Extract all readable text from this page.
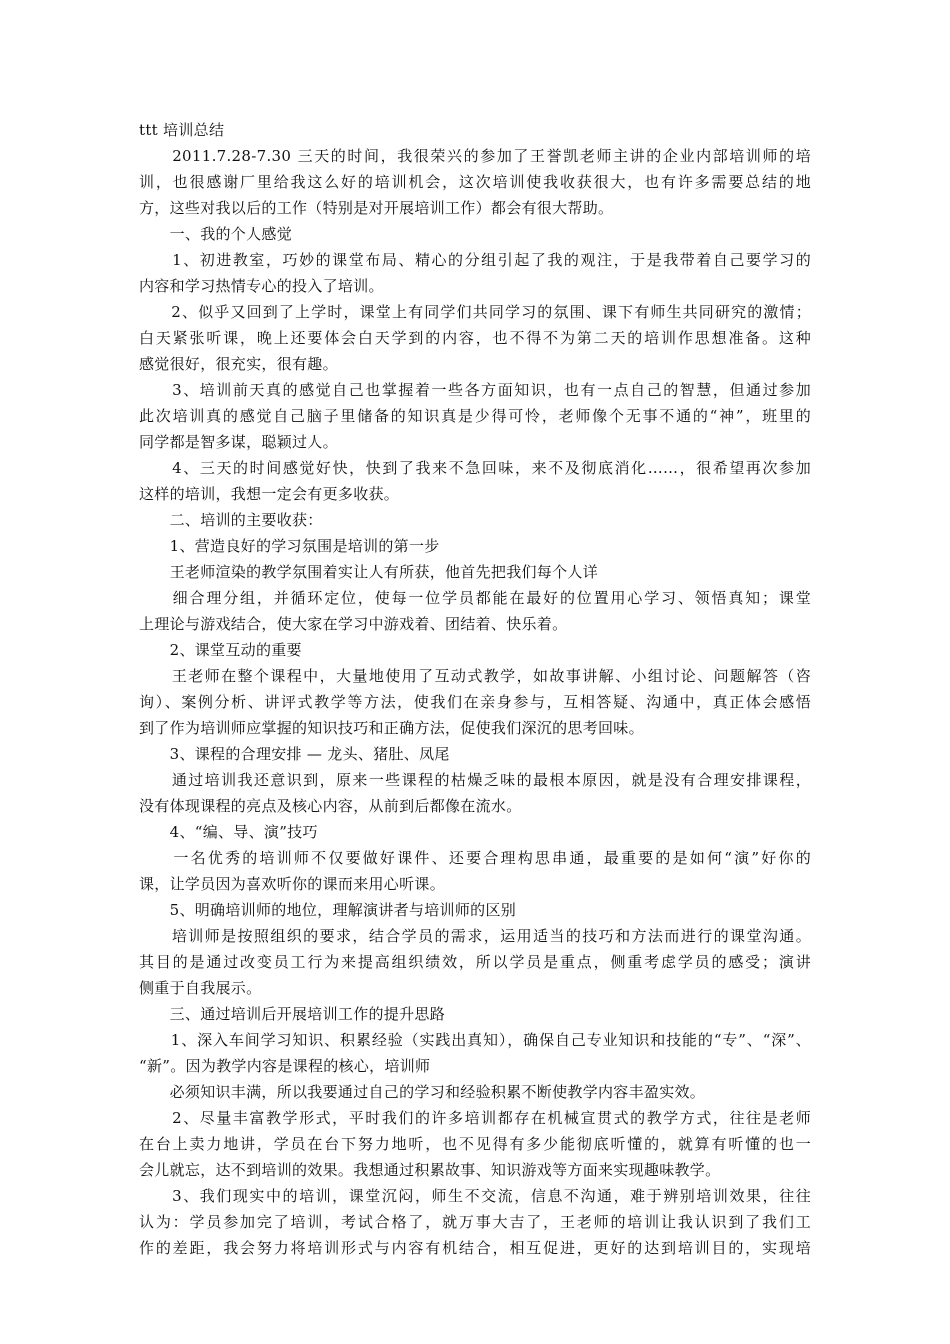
ttt 培训总结
　　2011.7.28-7.30 三天的时间，我很荣兴的参加了王誉凯老师主讲的企业内部培训师的培
训，也很感谢厂里给我这么好的培训机会，这次培训使我收获很大，也有许多需要总结的地
方，这些对我以后的工作（特别是对开展培训工作）都会有很大帮助。
　　一、我的个人感觉
　　1、初进教室，巧妙的课堂布局、精心的分组引起了我的观注，于是我带着自己要学习的
内容和学习热情专心的投入了培训。
　　2、似乎又回到了上学时，课堂上有同学们共同学习的氛围、课下有师生共同研究的激情；
白天紧张听课，晚上还要体会白天学到的内容，也不得不为第二天的培训作思想准备。这种
感觉很好，很充实，很有趣。
　　3、培训前天真的感觉自己也掌握着一些各方面知识，也有一点自己的智慧，但通过参加
此次培训真的感觉自己脑子里储备的知识真是少得可怜，老师像个无事不通的“神”，班里的
同学都是智多谋，聪颖过人。
　　4、三天的时间感觉好快，快到了我来不急回味，来不及彻底消化……，很希望再次参加
这样的培训，我想一定会有更多收获。
　　二、培训的主要收获：
　　1、营造良好的学习氛围是培训的第一步
　　王老师渲染的教学氛围着实让人有所获，他首先把我们每个人详
　　细合理分组，并循环定位，使每一位学员都能在最好的位置用心学习、领悟真知；课堂
上理论与游戏结合，使大家在学习中游戏着、团结着、快乐着。
　　2、课堂互动的重要
　　王老师在整个课程中，大量地使用了互动式教学，如故事讲解、小组讨论、问题解答（咨
询）、案例分析、讲评式教学等方法，使我们在亲身参与，互相答疑、沟通中，真正体会感悟
到了作为培训师应掌握的知识技巧和正确方法，促使我们深沉的思考回味。
　　3、课程的合理安排 — 龙头、猪肚、凤尾
　　通过培训我还意识到，原来一些课程的枯燥乏味的最根本原因，就是没有合理安排课程，
没有体现课程的亮点及核心内容，从前到后都像在流水。
　　4、“编、导、演”技巧
　　一名优秀的培训师不仅要做好课件、还要合理构思串通，最重要的是如何“演”好你的
课，让学员因为喜欢听你的课而来用心听课。
　　5、明确培训师的地位，理解演讲者与培训师的区别
　　培训师是按照组织的要求，结合学员的需求，运用适当的技巧和方法而进行的课堂沟通。
其目的是通过改变员工行为来提高组织绩效，所以学员是重点，侧重考虑学员的感受；演讲
侧重于自我展示。
　　三、通过培训后开展培训工作的提升思路
　　1、深入车间学习知识、积累经验（实践出真知），确保自己专业知识和技能的“专”、“深”、
“新”。因为教学内容是课程的核心，培训师
　　必须知识丰满，所以我要通过自己的学习和经验积累不断使教学内容丰盈实效。
　　2、尽量丰富教学形式，平时我们的许多培训都存在机械宣贯式的教学方式，往往是老师
在台上卖力地讲，学员在台下努力地听，也不见得有多少能彻底听懂的，就算有听懂的也一
会儿就忘，达不到培训的效果。我想通过积累故事、知识游戏等方面来实现趣味教学。
　　3、我们现实中的培训，课堂沉闷，师生不交流，信息不沟通，难于辨别培训效果，往往
认为：学员参加完了培训，考试合格了，就万事大吉了，王老师的培训让我认识到了我们工
作的差距，我会努力将培训形式与内容有机结合，相互促进，更好的达到培训目的，实现培
